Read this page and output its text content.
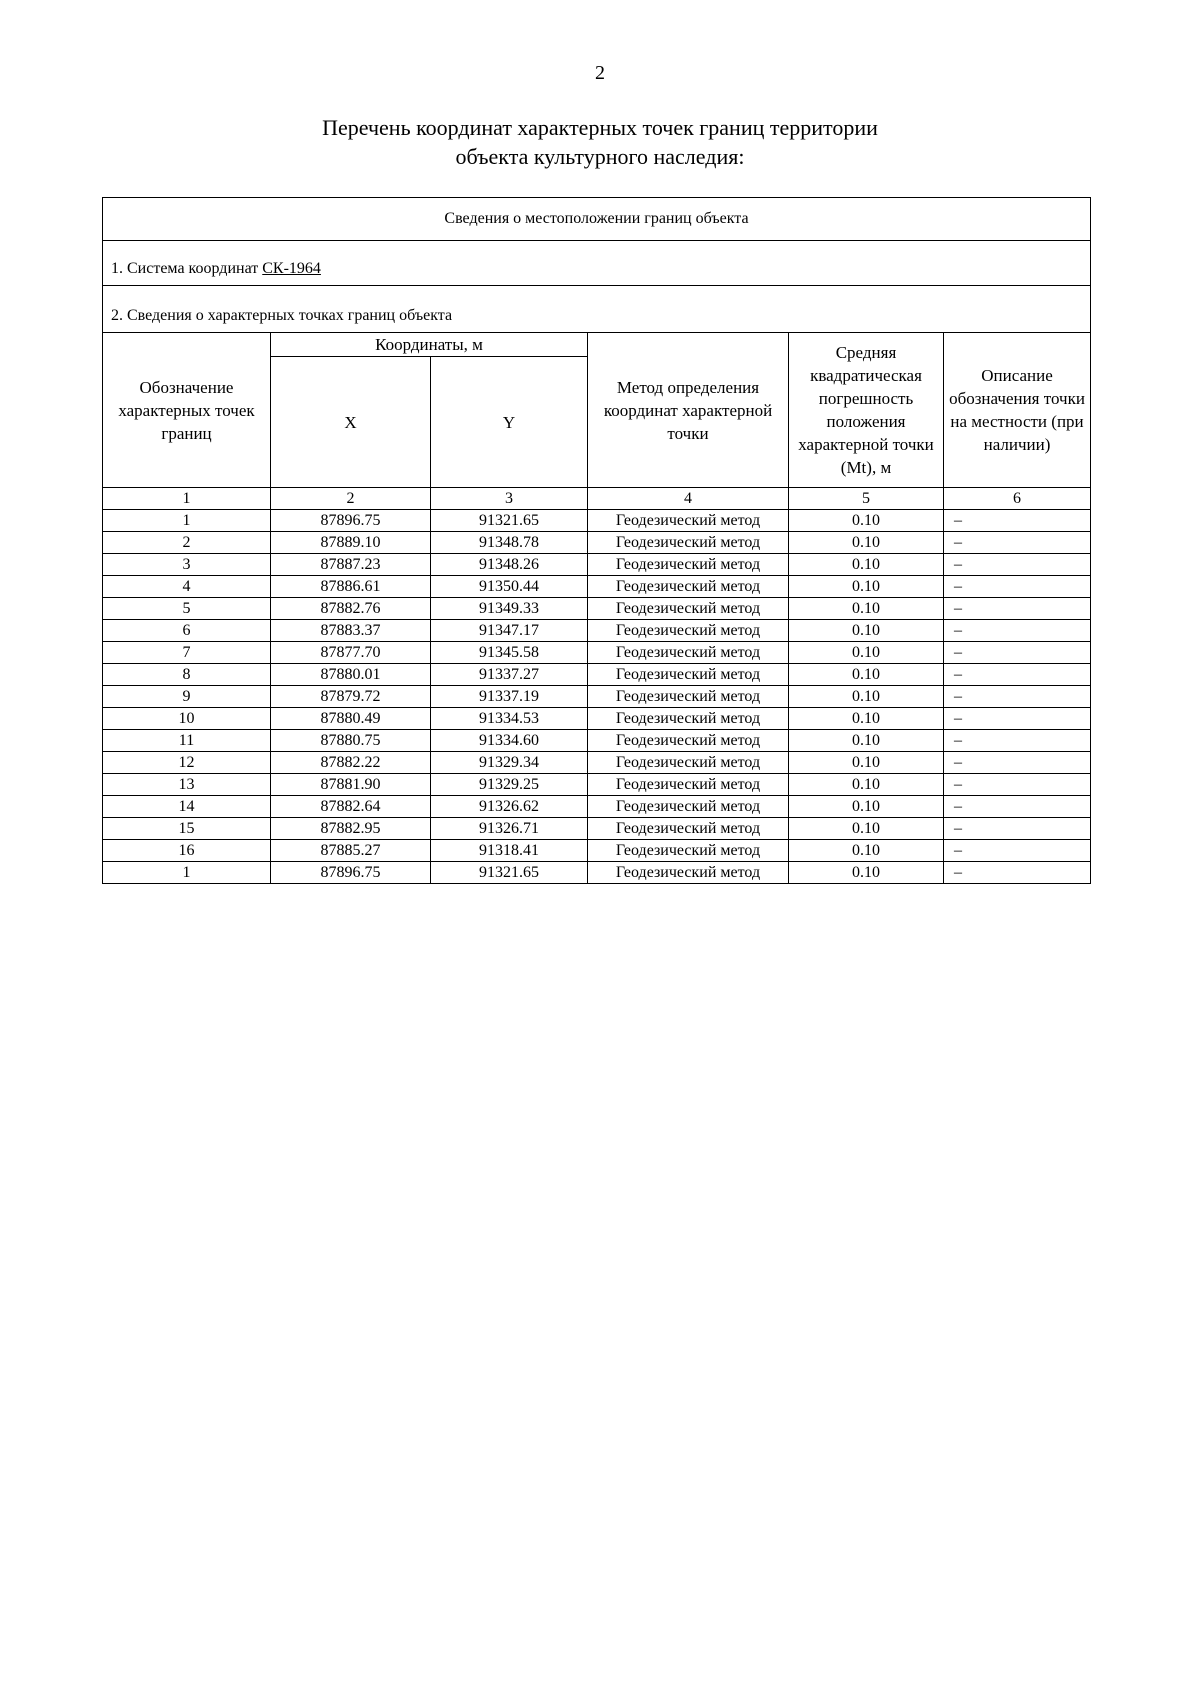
2
Перечень координат характерных точек границ территории
объекта культурного наследия:
Сведения о местоположении границ объекта					
1. Система координат СК-1964					
2. Сведения о характерных точках границ объекта					
Обозначение характерных точек границ	Координаты, м		Метод определения координат характерной точки	Средняя квадратическая погрешность положения характерной точки (Mt), м	Описание обозначения точки на местности (при наличии)
	X	Y			
1	2	3	4	5	6
1	87896.75	91321.65	Геодезический метод	0.10	–
2	87889.10	91348.78	Геодезический метод	0.10	–
3	87887.23	91348.26	Геодезический метод	0.10	–
4	87886.61	91350.44	Геодезический метод	0.10	–
5	87882.76	91349.33	Геодезический метод	0.10	–
6	87883.37	91347.17	Геодезический метод	0.10	–
7	87877.70	91345.58	Геодезический метод	0.10	–
8	87880.01	91337.27	Геодезический метод	0.10	–
9	87879.72	91337.19	Геодезический метод	0.10	–
10	87880.49	91334.53	Геодезический метод	0.10	–
11	87880.75	91334.60	Геодезический метод	0.10	–
12	87882.22	91329.34	Геодезический метод	0.10	–
13	87881.90	91329.25	Геодезический метод	0.10	–
14	87882.64	91326.62	Геодезический метод	0.10	–
15	87882.95	91326.71	Геодезический метод	0.10	–
16	87885.27	91318.41	Геодезический метод	0.10	–
1	87896.75	91321.65	Геодезический метод	0.10	–
